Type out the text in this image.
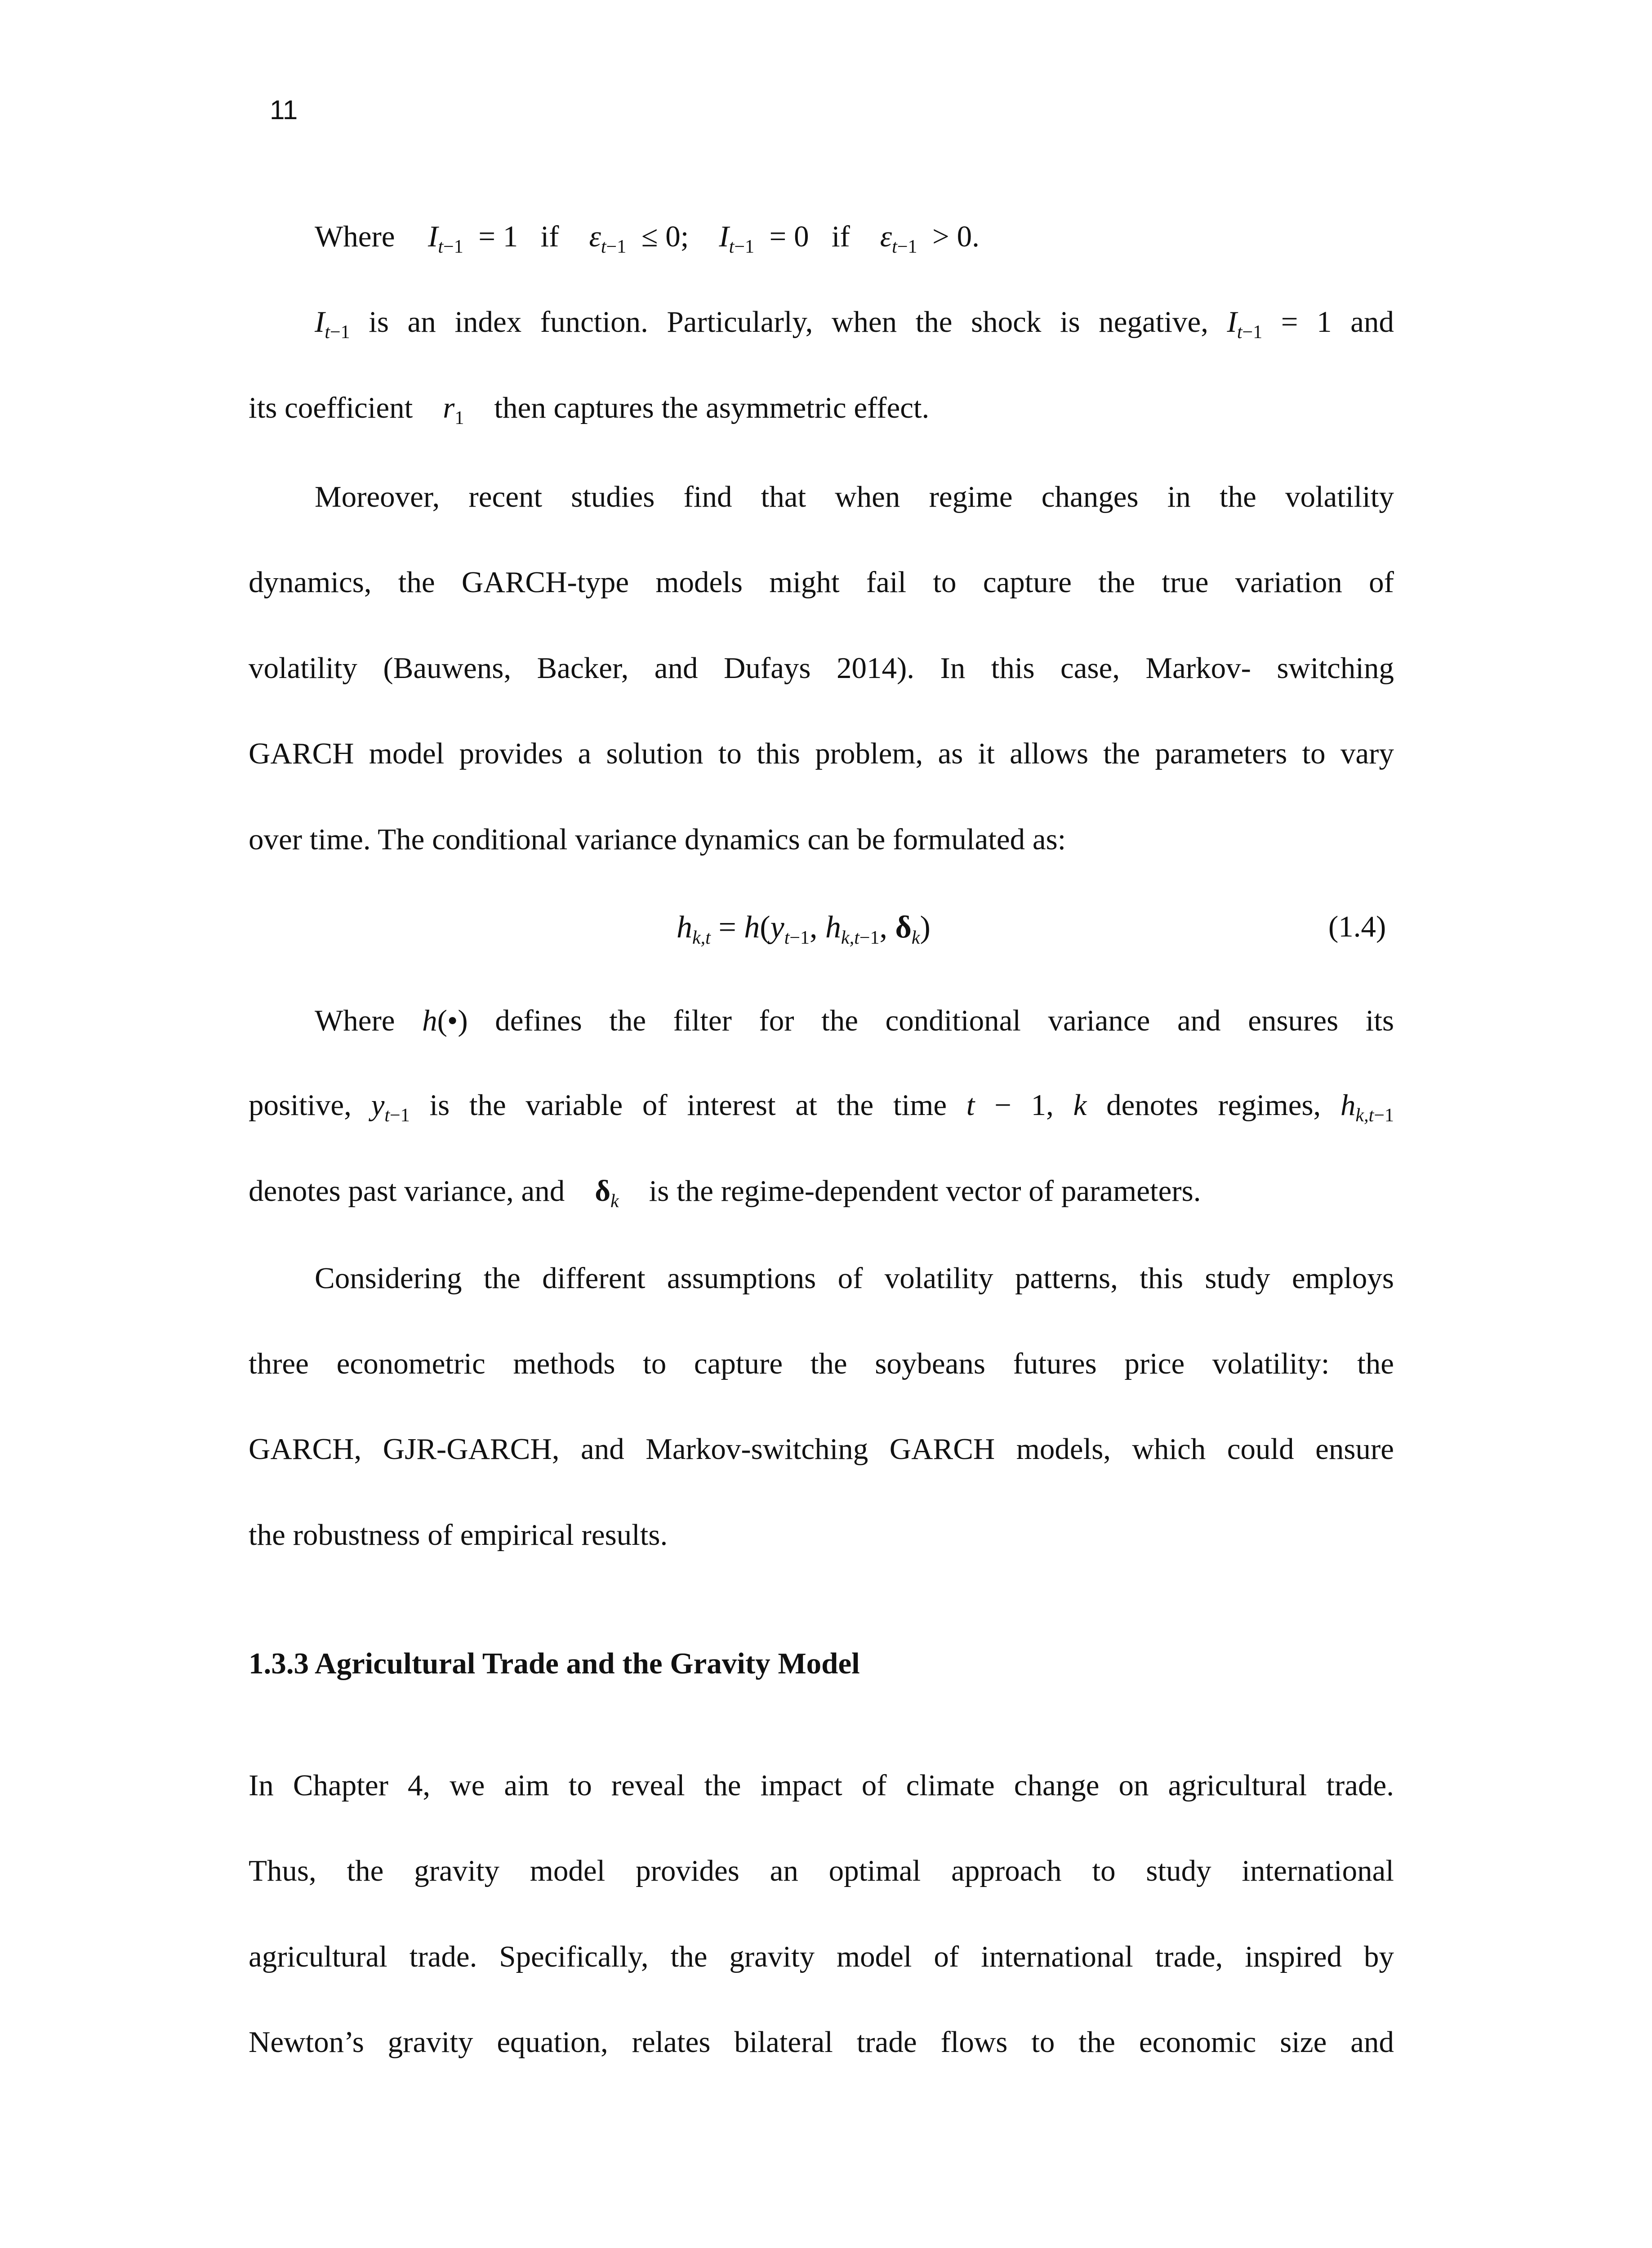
11
Where $I_{t-1} = 1$   if $\varepsilon_{t-1} \le 0$; $I_{t-1} = 0$   if $\varepsilon_{t-1} > 0$.
$I_{t-1}$ is an index function. Particularly, when the shock is negative, $I_{t-1} = 1$ and
its coefficient $r_1$ then captures the asymmetric effect.
Moreover, recent studies find that when regime changes in the volatility
dynamics, the GARCH-type models might fail to capture the true variation of
volatility (Bauwens, Backer, and Dufays 2014). In this case, Markov- switching
GARCH model provides a solution to this problem, as it allows the parameters to vary
over time. The conditional variance dynamics can be formulated as:
$h_{k,t} = h(y_{t-1}$, $h_{k,t-1}$, $\delta_k$)	(1.4)
Where h(•) defines the filter for the conditional variance and ensures its
positive, $y_{t-1}$ is the variable of interest at the time t − 1, k denotes regimes, $h_{k,t-1}$
denotes past variance, and $\delta_k$ is the regime-dependent vector of parameters.
Considering the different assumptions of volatility patterns, this study employs
three econometric methods to capture the soybeans futures price volatility: the
GARCH, GJR-GARCH, and Markov-switching GARCH models, which could ensure
the robustness of empirical results.
1.3.3 Agricultural Trade and the Gravity Model
In Chapter 4, we aim to reveal the impact of climate change on agricultural trade.
Thus, the gravity model provides an optimal approach to study international
agricultural trade. Specifically, the gravity model of international trade, inspired by
Newton’s gravity equation, relates bilateral trade flows to the economic size and
